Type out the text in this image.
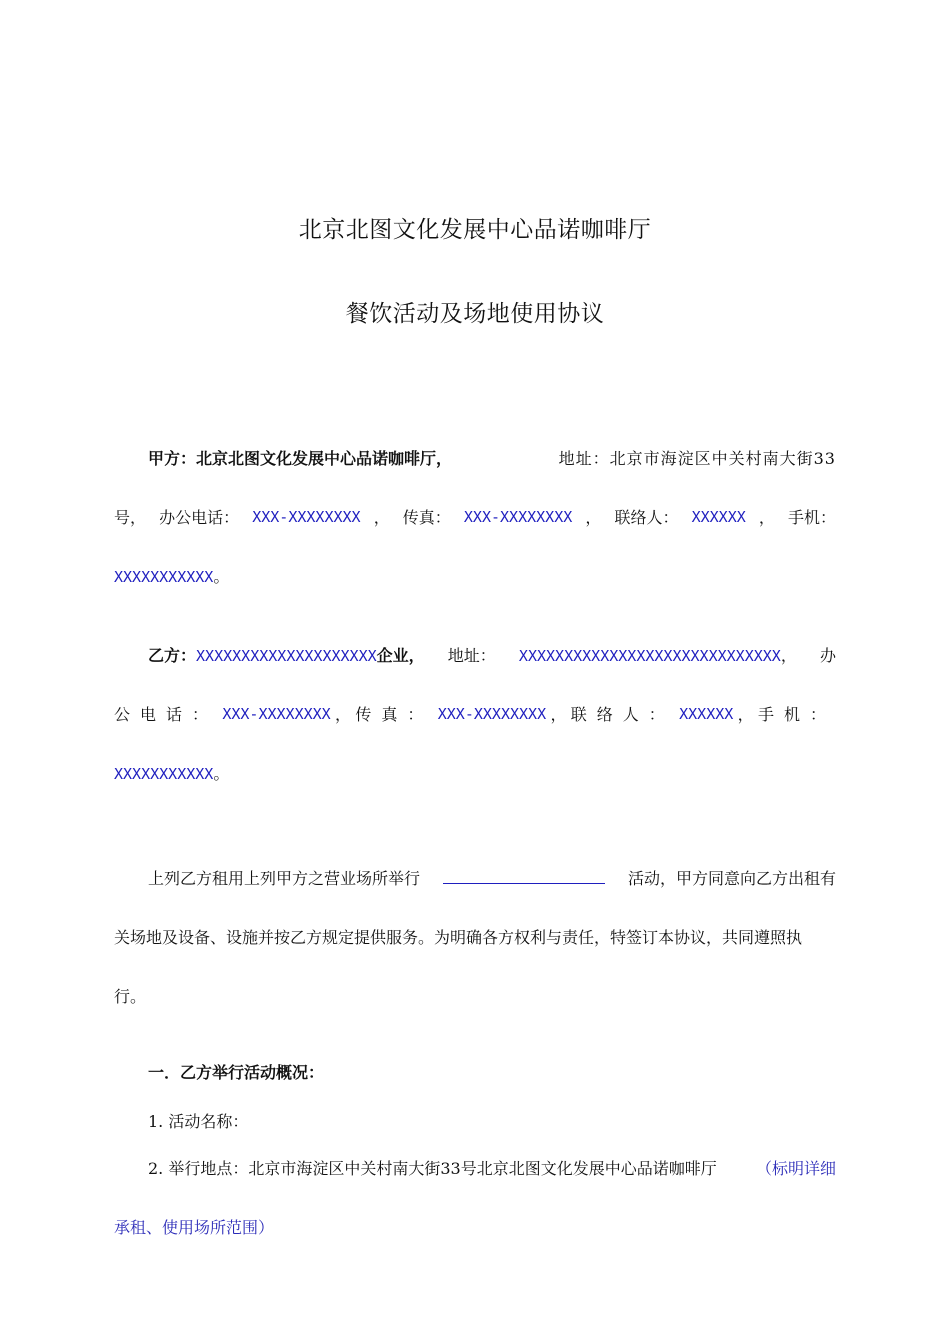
北京北图文化发展中心品诺咖啡厅
餐饮活动及场地使用协议
甲方：北京北图文化发展中心品诺咖啡厅，	地址：北京市海淀区中关村南大街33
号， 办公电话： XXX-XXXXXXXX ， 传真： XXX-XXXXXXXX ， 联络人： XXXXXX ， 手机：
XXXXXXXXXXX。
乙方：XXXXXXXXXXXXXXXXXXXX企业， 地址： XXXXXXXXXXXXXXXXXXXXXXXXXXXXX， 办
公电话： XXX-XXXXXXXX ， 传真： XXX-XXXXXXXX ， 联络人： XXXXXX ， 手机：
XXXXXXXXXXX。
上列乙方租用上列甲方之营业场所举行	活动，甲方同意向乙方出租有
关场地及设备、设施并按乙方规定提供服务。为明确各方权利与责任，特签订本协议，共同遵照执
行。
一．乙方举行活动概况：
1. 活动名称：
2. 举行地点：北京市海淀区中关村南大街33号北京北图文化发展中心品诺咖啡厅 （标明详细
承租、使用场所范围）
